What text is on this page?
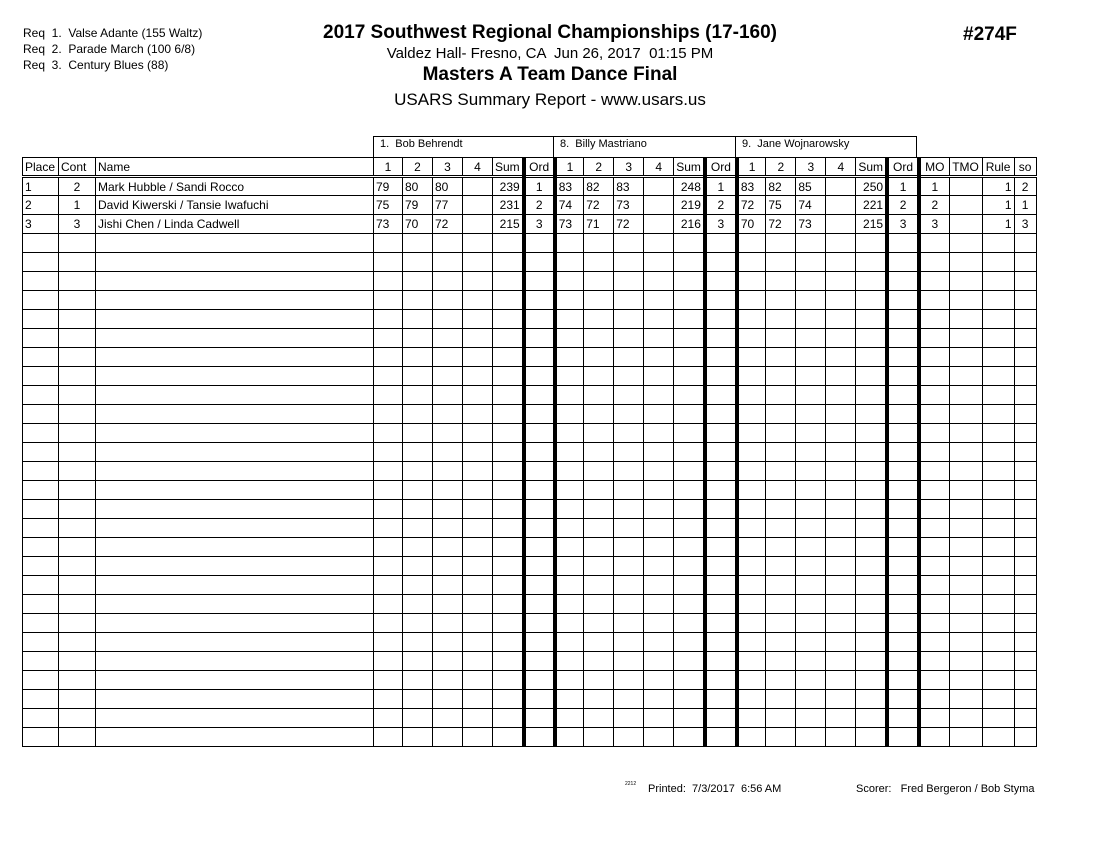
Req  1.  Valse Adante (155 Waltz)
Req  2.  Parade March (100 6/8)
Req  3.  Century Blues (88)
2017 Southwest Regional Championships (17-160)
Valdez Hall- Fresno, CA  Jun 26, 2017  01:15 PM
Masters A Team Dance Final
USARS Summary Report - www.usars.us
#274F
1.  Bob Behrendt	8.  Billy Mastriano	9.  Jane Wojnarowsky
Place	Cont	Name	1	2	3	4	Sum	Ord	1	2	3	4	Sum	Ord	1	2	3	4	Sum	Ord	MO	TMO	Rule	so
1	2	Mark Hubble / Sandi Rocco	79	80	80		239	1	83	82	83		248	1	83	82	85		250	1	1		1	2
2	1	David Kiwerski / Tansie Iwafuchi	75	79	77		231	2	74	72	73		219	2	72	75	74		221	2	2		1	1
3	3	Jishi Chen / Linda Cadwell	73	70	72		215	3	73	71	72		216	3	70	72	73		215	3	3		1	3

2212 Printed:  7/3/2017  6:56 AM	Scorer:   Fred Bergeron / Bob Styma
